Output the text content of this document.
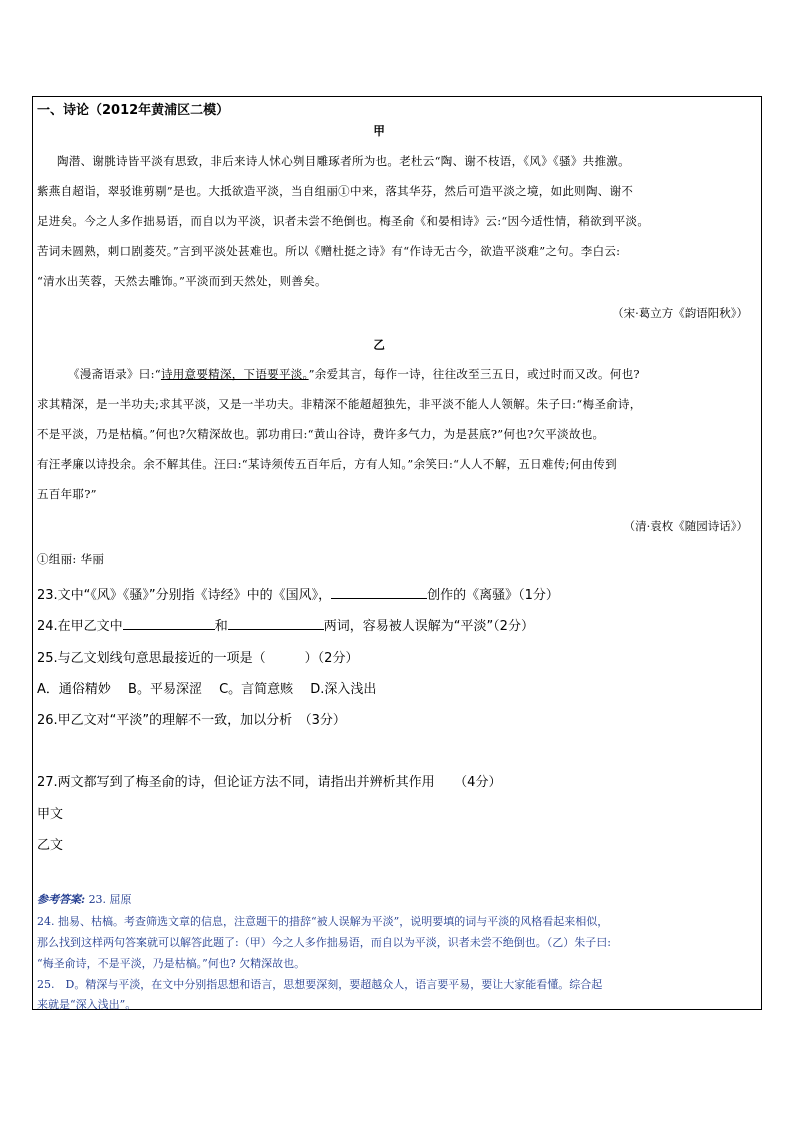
一、诗论（2012年黄浦区二模）
甲
陶潜、谢朓诗皆平淡有思致，非后来诗人怵心刿目雕琢者所为也。老杜云“陶、谢不枝语，《风》《骚》共推激。
紫燕自超诣，翠驳谁剪剔”是也。大抵欲造平淡，当自组丽①中来，落其华芬，然后可造平淡之境，如此则陶、谢不
足进矣。今之人多作拙易语，而自以为平淡，识者未尝不绝倒也。梅圣俞《和晏相诗》云:“因今适性情，稍欲到平淡。
苦词未圆熟，刺口剧菱芡。”言到平淡处甚难也。所以《赠杜挺之诗》有“作诗无古今，欲造平淡难”之句。李白云:
“清水出芙蓉，天然去雕饰。”平淡而到天然处，则善矣。
（宋·葛立方《韵语阳秋》）
乙
《漫斋语录》曰:“诗用意要精深，下语要平淡。”余爱其言，每作一诗，往往改至三五日，或过时而又改。何也?
求其精深，是一半功夫;求其平淡，又是一半功夫。非精深不能超超独先，非平淡不能人人领解。朱子曰:“梅圣俞诗，
不是平淡，乃是枯槁。”何也?欠精深故也。郭功甫曰:“黄山谷诗，费许多气力，为是甚底?”何也?欠平淡故也。
有汪孝廉以诗投余。余不解其佳。汪曰:“某诗须传五百年后，方有人知。”余笑曰:“人人不解，五日难传;何由传到
五百年耶?”
（清·袁枚《随园诗话》）
①组丽: 华丽
23.文中“《风》《骚》”分别指《诗经》中的《国风》，	创作的《离骚》（1分）
24.在甲乙文中	和	两词，容易被人误解为“平淡”（2分）
25.与乙文划线句意思最接近的一项是（　　　）（2分）
A．通俗精妙　 B。平易深涩　 C。言简意赅　 D.深入浅出
26.甲乙文对“平淡”的理解不一致，加以分析　（3分）
27.两文都写到了梅圣俞的诗，但论证方法不同，请指出并辨析其作用　　（4分）
甲文
乙文
参考答案: 23. 屈原
24. 拙易、枯槁。考查筛选文章的信息，注意题干的措辞“被人误解为平淡”，说明要填的词与平淡的风格看起来相似，
那么找到这样两句答案就可以解答此题了:（甲）今之人多作拙易语，而自以为平淡，识者未尝不绝倒也。（乙）朱子曰:
“梅圣俞诗，不是平淡，乃是枯槁。”何也? 欠精深故也。
25.　D。精深与平淡，在文中分别指思想和语言，思想要深刻，要超越众人，语言要平易，要让大家能看懂。综合起
来就是“深入浅出”。
